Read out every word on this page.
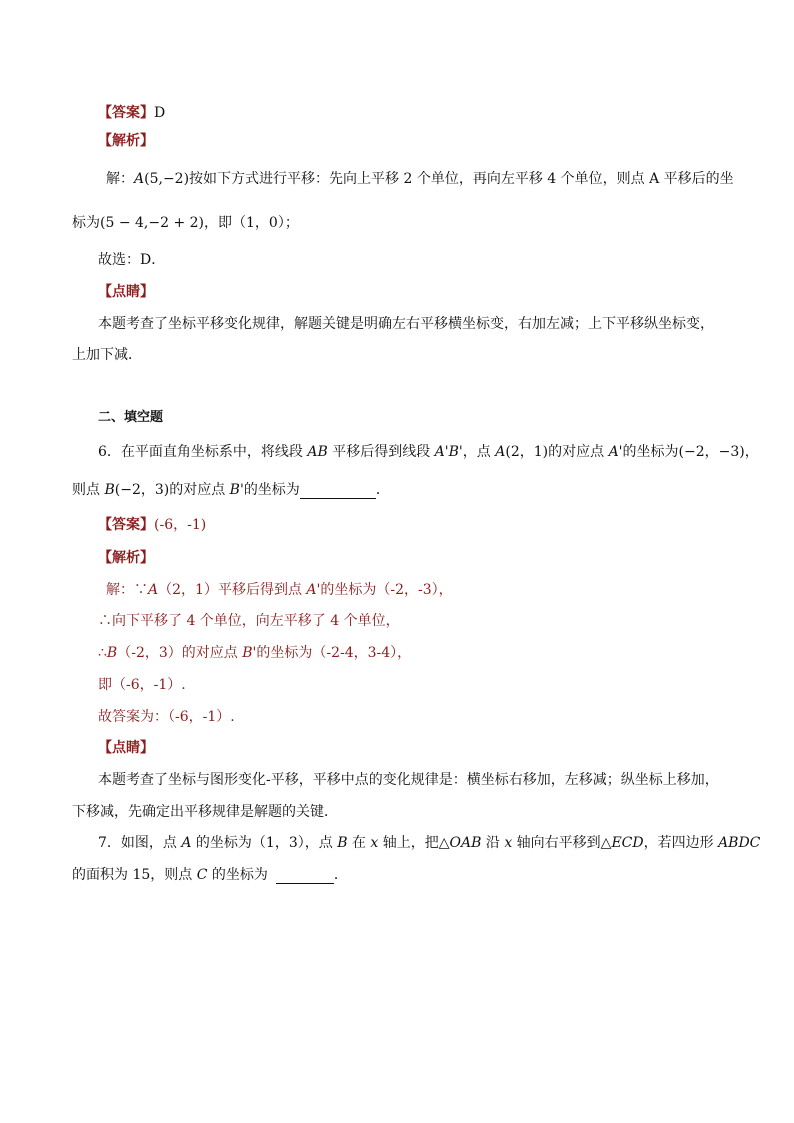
【答案】D
【解析】
解：A(5,−2)按如下方式进行平移：先向上平移 2 个单位，再向左平移 4 个单位，则点 A 平移后的坐
标为(5 − 4,−2 + 2)，即（1，0）；
故选：D．
【点睛】
本题考查了坐标平移变化规律，解题关键是明确左右平移横坐标变，右加左减；上下平移纵坐标变，
上加下减．
二、填空题
6．在平面直角坐标系中，将线段 AB 平移后得到线段 A'B'，点 A(2，1)的对应点 A'的坐标为(−2，−3)，
则点 B(−2，3)的对应点 B'的坐标为	．
【答案】(-6，-1)
【解析】
解：∵A（2，1）平移后得到点 A'的坐标为（-2，-3），
∴向下平移了 4 个单位，向左平移了 4 个单位，
∴B（-2，3）的对应点 B'的坐标为（-2-4，3-4），
即（-6，-1）.
故答案为：（-6，-1）.
【点睛】
本题考查了坐标与图形变化-平移，平移中点的变化规律是：横坐标右移加，左移减；纵坐标上移加，
下移减，先确定出平移规律是解题的关键．
7．如图，点 A 的坐标为（1，3），点 B 在 x 轴上，把△OAB 沿 x 轴向右平移到△ECD，若四边形 ABDC
的面积为 15，则点 C 的坐标为	．
